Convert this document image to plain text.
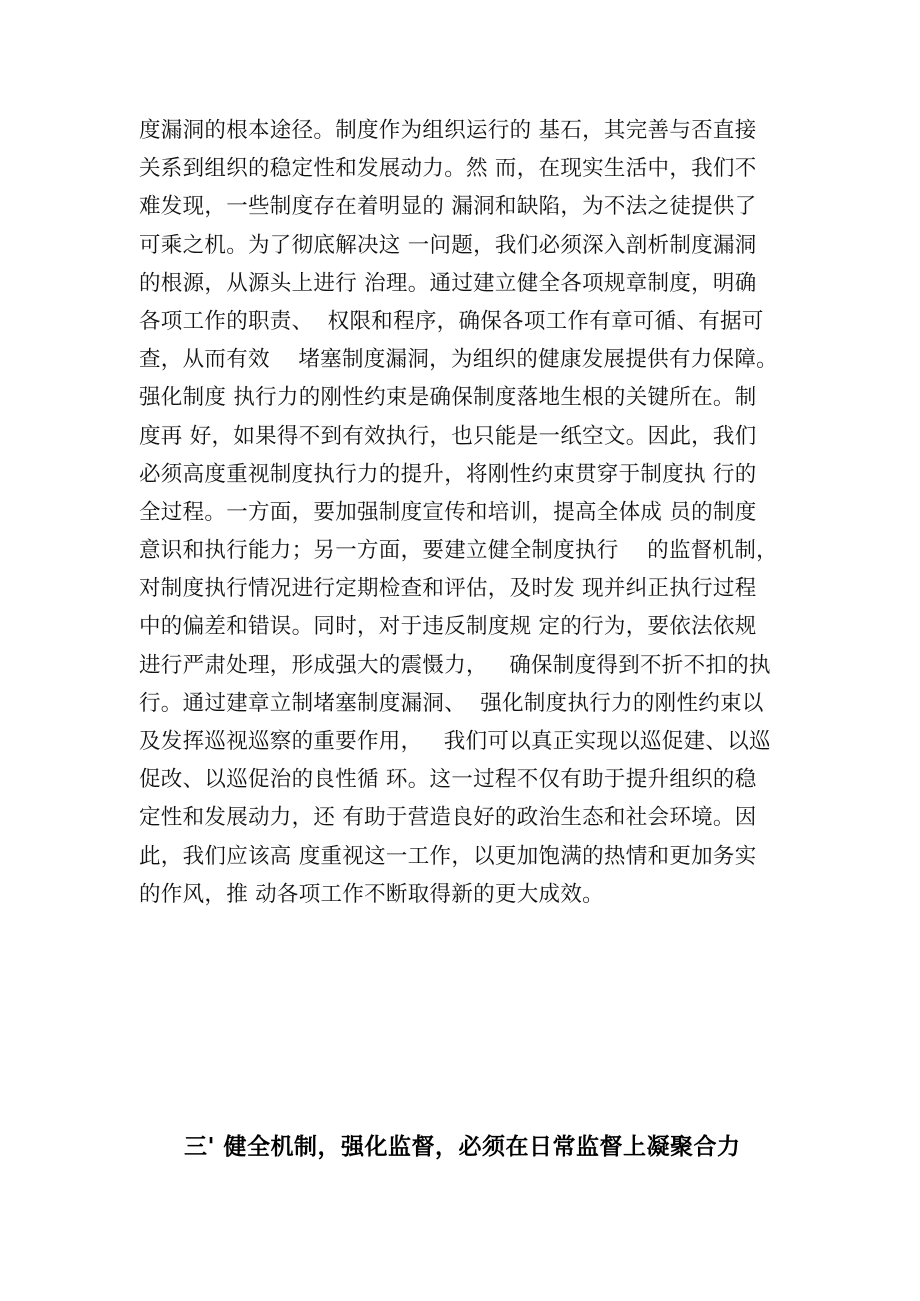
度漏洞的根本途径。制度作为组织运行的 基石，其完善与否直接
关系到组织的稳定性和发展动力。然 而，在现实生活中，我们不
难发现，一些制度存在着明显的 漏洞和缺陷，为不法之徒提供了
可乘之机。为了彻底解决这 一问题，我们必须深入剖析制度漏洞
的根源，从源头上进行 治理。通过建立健全各项规章制度，明确
各项工作的职责、  权限和程序，确保各项工作有章可循、有据可
查，从而有效    堵塞制度漏洞，为组织的健康发展提供有力保障。
强化制度 执行力的刚性约束是确保制度落地生根的关键所在。制
度再 好，如果得不到有效执行，也只能是一纸空文。因此，我们
必须高度重视制度执行力的提升，将刚性约束贯穿于制度执 行的
全过程。一方面，要加强制度宣传和培训，提高全体成 员的制度
意识和执行能力；另一方面，要建立健全制度执行    的监督机制，
对制度执行情况进行定期检查和评估，及时发 现并纠正执行过程
中的偏差和错误。同时，对于违反制度规 定的行为，要依法依规
进行严肃处理，形成强大的震慑力，   确保制度得到不折不扣的执
行。通过建章立制堵塞制度漏洞、  强化制度执行力的刚性约束以
及发挥巡视巡察的重要作用，   我们可以真正实现以巡促建、以巡
促改、以巡促治的良性循 环。这一过程不仅有助于提升组织的稳
定性和发展动力，还 有助于营造良好的政治生态和社会环境。因
此，我们应该高 度重视这一工作，以更加饱满的热情和更加务实
的作风，推 动各项工作不断取得新的更大成效。
三' 健全机制，强化监督，必须在日常监督上凝聚合力
